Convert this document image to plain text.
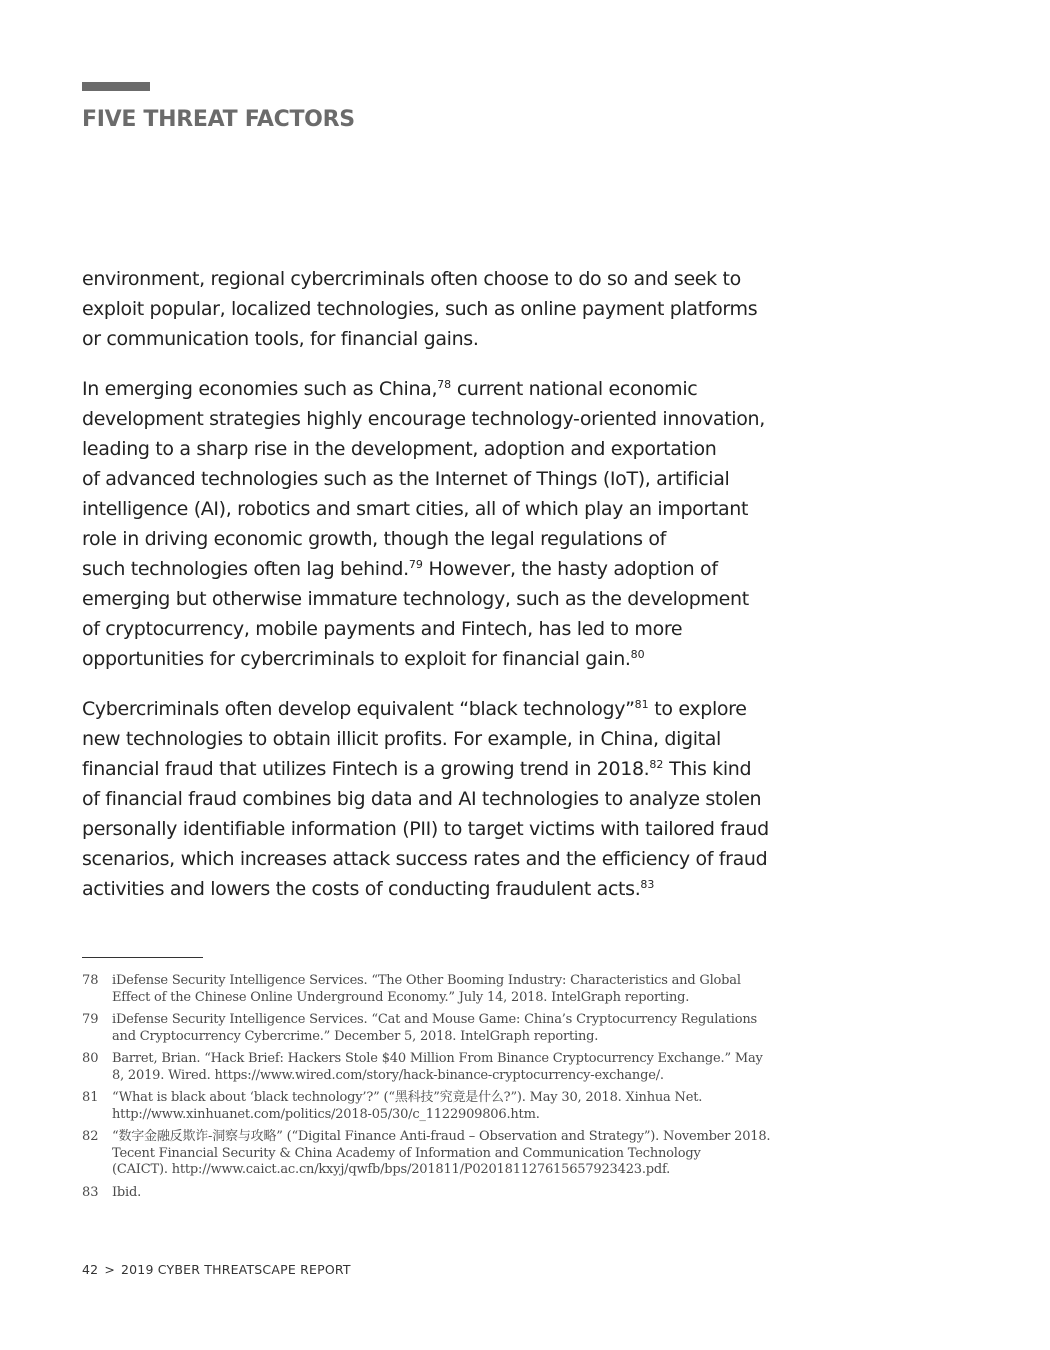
FIVE THREAT FACTORS

environment, regional cybercriminals often choose to do so and seek to
exploit popular, localized technologies, such as online payment platforms
or communication tools, for financial gains.

In emerging economies such as China,$^{78}$ current national economic
development strategies highly encourage technology-oriented innovation,
leading to a sharp rise in the development, adoption and exportation
of advanced technologies such as the Internet of Things (IoT), artificial
intelligence (AI), robotics and smart cities, all of which play an important
role in driving economic growth, though the legal regulations of
such technologies often lag behind.$^{79}$ However, the hasty adoption of
emerging but otherwise immature technology, such as the development
of cryptocurrency, mobile payments and Fintech, has led to more
opportunities for cybercriminals to exploit for financial gain.$^{80}$

Cybercriminals often develop equivalent “black technology”$^{81}$ to explore
new technologies to obtain illicit profits. For example, in China, digital
financial fraud that utilizes Fintech is a growing trend in 2018.82 This kind
of financial fraud combines big data and AI technologies to analyze stolen
personally identifiable information (PII) to target victims with tailored fraud
scenarios, which increases attack success rates and the efficiency of fraud
activities and lowers the costs of conducting fraudulent acts.$^{83}$

78	iDefense Security Intelligence Services. “The Other Booming Industry: Characteristics and Global
Effect of the Chinese Online Underground Economy.” July 14, 2018. IntelGraph reporting.
79	iDefense Security Intelligence Services. “Cat and Mouse Game: China’s Cryptocurrency Regulations
and Cryptocurrency Cybercrime.” December 5, 2018. IntelGraph reporting.
80	Barret, Brian. “Hack Brief: Hackers Stole $40 Million From Binance Cryptocurrency Exchange.” May
8, 2019. Wired. https://www.wired.com/story/hack-binance-cryptocurrency-exchange/.
81	“What is black about ‘black technology’?” (“黑科技”究竟是什么?”). May 30, 2018. Xinhua Net.
http://www.xinhuanet.com/politics/2018-05/30/c_1122909806.htm.
82	“数字金融反欺诈-洞察与攻略” (“Digital Finance Anti-fraud – Observation and Strategy”). November 2018.
Tecent Financial Security & China Academy of Information and Communication Technology
(CAICT). http://www.caict.ac.cn/kxyj/qwfb/bps/201811/P020181127615657923423.pdf.
83	Ibid.
42 > 2019 CYBER THREATSCAPE REPORT
